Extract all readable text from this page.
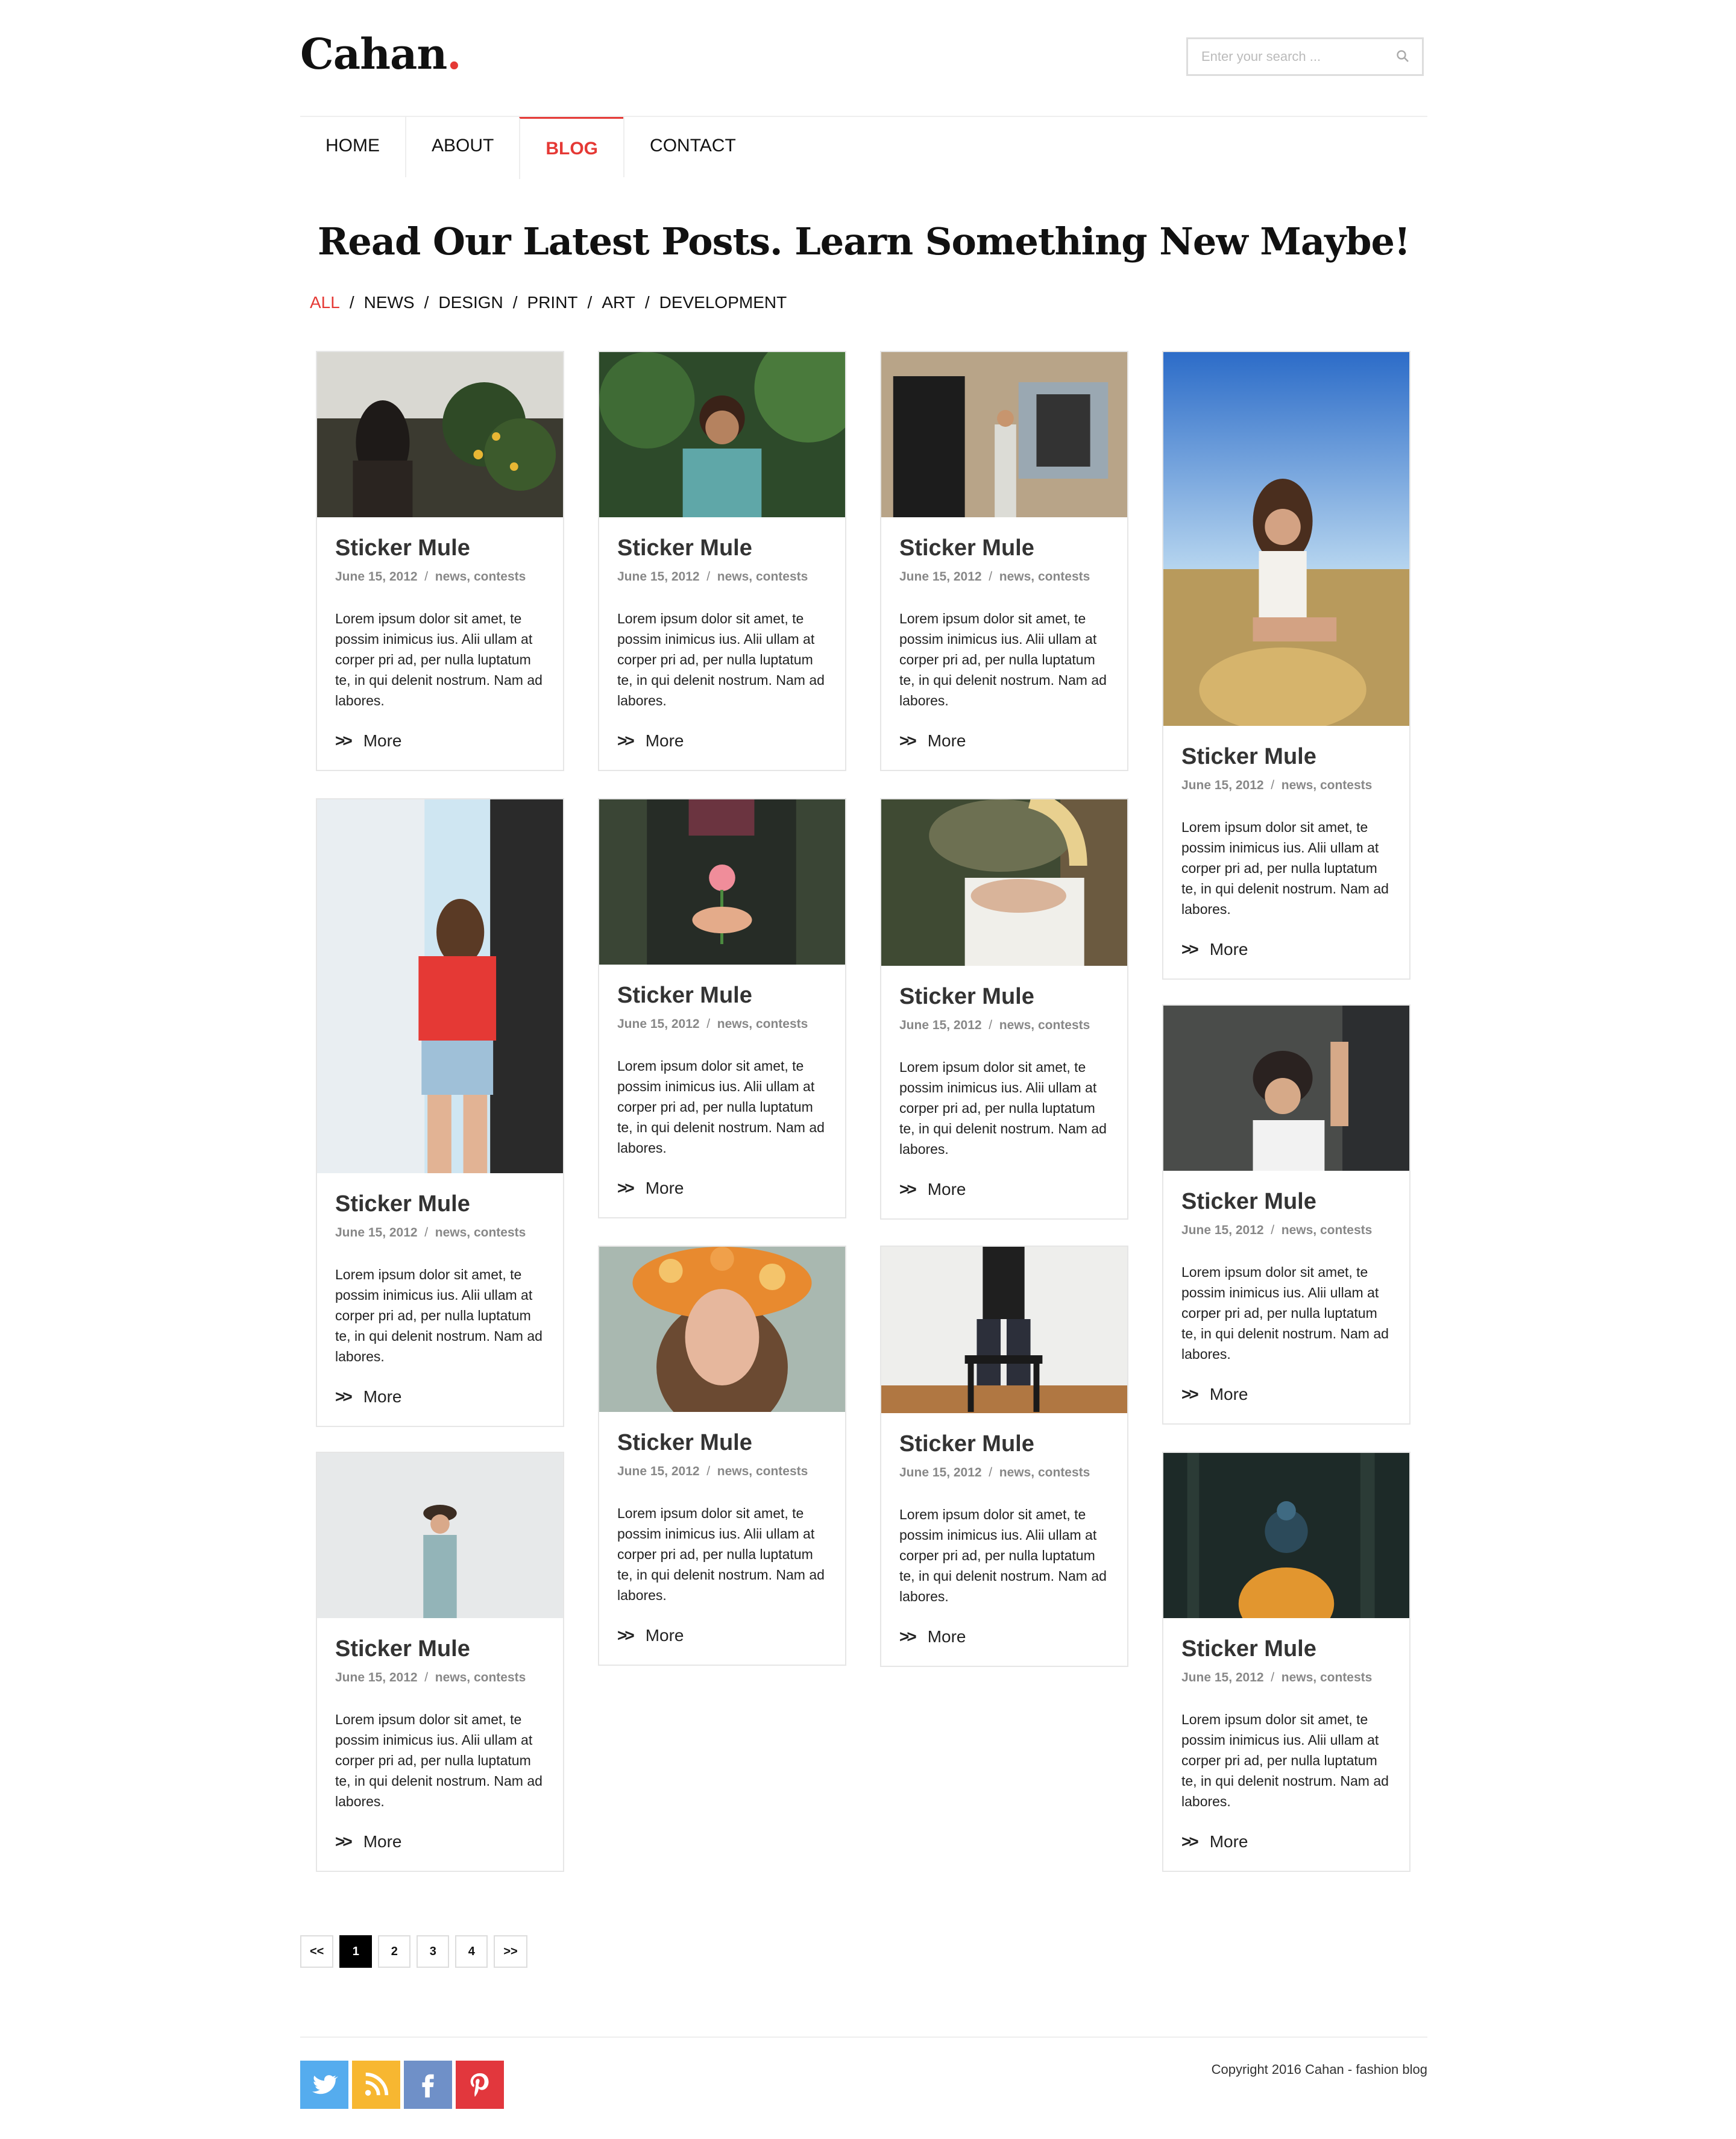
Cahan.
Enter your search ...
HOME	ABOUT	BLOG	CONTACT
Read Our Latest Posts. Learn Something New Maybe!
ALL / NEWS / DESIGN / PRINT / ART / DEVELOPMENT
Sticker Mule
June 15, 2012 / news, contests

Lorem ipsum dolor sit amet, te possim inimicus ius. Alii ullam at corper pri ad, per nulla luptatum te, in qui delenit nostrum. Nam ad labores.

>> More
Sticker Mule
June 15, 2012 / news, contests

Lorem ipsum dolor sit amet, te possim inimicus ius. Alii ullam at corper pri ad, per nulla luptatum te, in qui delenit nostrum. Nam ad labores.

>> More
Sticker Mule
June 15, 2012 / news, contests

Lorem ipsum dolor sit amet, te possim inimicus ius. Alii ullam at corper pri ad, per nulla luptatum te, in qui delenit nostrum. Nam ad labores.

>> More
Sticker Mule
June 15, 2012 / news, contests

Lorem ipsum dolor sit amet, te possim inimicus ius. Alii ullam at corper pri ad, per nulla luptatum te, in qui delenit nostrum. Nam ad labores.

>> More
Sticker Mule
June 15, 2012 / news, contests

Lorem ipsum dolor sit amet, te possim inimicus ius. Alii ullam at corper pri ad, per nulla luptatum te, in qui delenit nostrum. Nam ad labores.

>> More
Sticker Mule
June 15, 2012 / news, contests

Lorem ipsum dolor sit amet, te possim inimicus ius. Alii ullam at corper pri ad, per nulla luptatum te, in qui delenit nostrum. Nam ad labores.

>> More
Sticker Mule
June 15, 2012 / news, contests

Lorem ipsum dolor sit amet, te possim inimicus ius. Alii ullam at corper pri ad, per nulla luptatum te, in qui delenit nostrum. Nam ad labores.

>> More
Sticker Mule
June 15, 2012 / news, contests

Lorem ipsum dolor sit amet, te possim inimicus ius. Alii ullam at corper pri ad, per nulla luptatum te, in qui delenit nostrum. Nam ad labores.

>> More
Sticker Mule
June 15, 2012 / news, contests

Lorem ipsum dolor sit amet, te possim inimicus ius. Alii ullam at corper pri ad, per nulla luptatum te, in qui delenit nostrum. Nam ad labores.

>> More
Sticker Mule
June 15, 2012 / news, contests

Lorem ipsum dolor sit amet, te possim inimicus ius. Alii ullam at corper pri ad, per nulla luptatum te, in qui delenit nostrum. Nam ad labores.

>> More
Sticker Mule
June 15, 2012 / news, contests

Lorem ipsum dolor sit amet, te possim inimicus ius. Alii ullam at corper pri ad, per nulla luptatum te, in qui delenit nostrum. Nam ad labores.

>> More
Sticker Mule
June 15, 2012 / news, contests

Lorem ipsum dolor sit amet, te possim inimicus ius. Alii ullam at corper pri ad, per nulla luptatum te, in qui delenit nostrum. Nam ad labores.

>> More
<<	1	2	3	4	>>
Copyright 2016 Cahan - fashion blog
